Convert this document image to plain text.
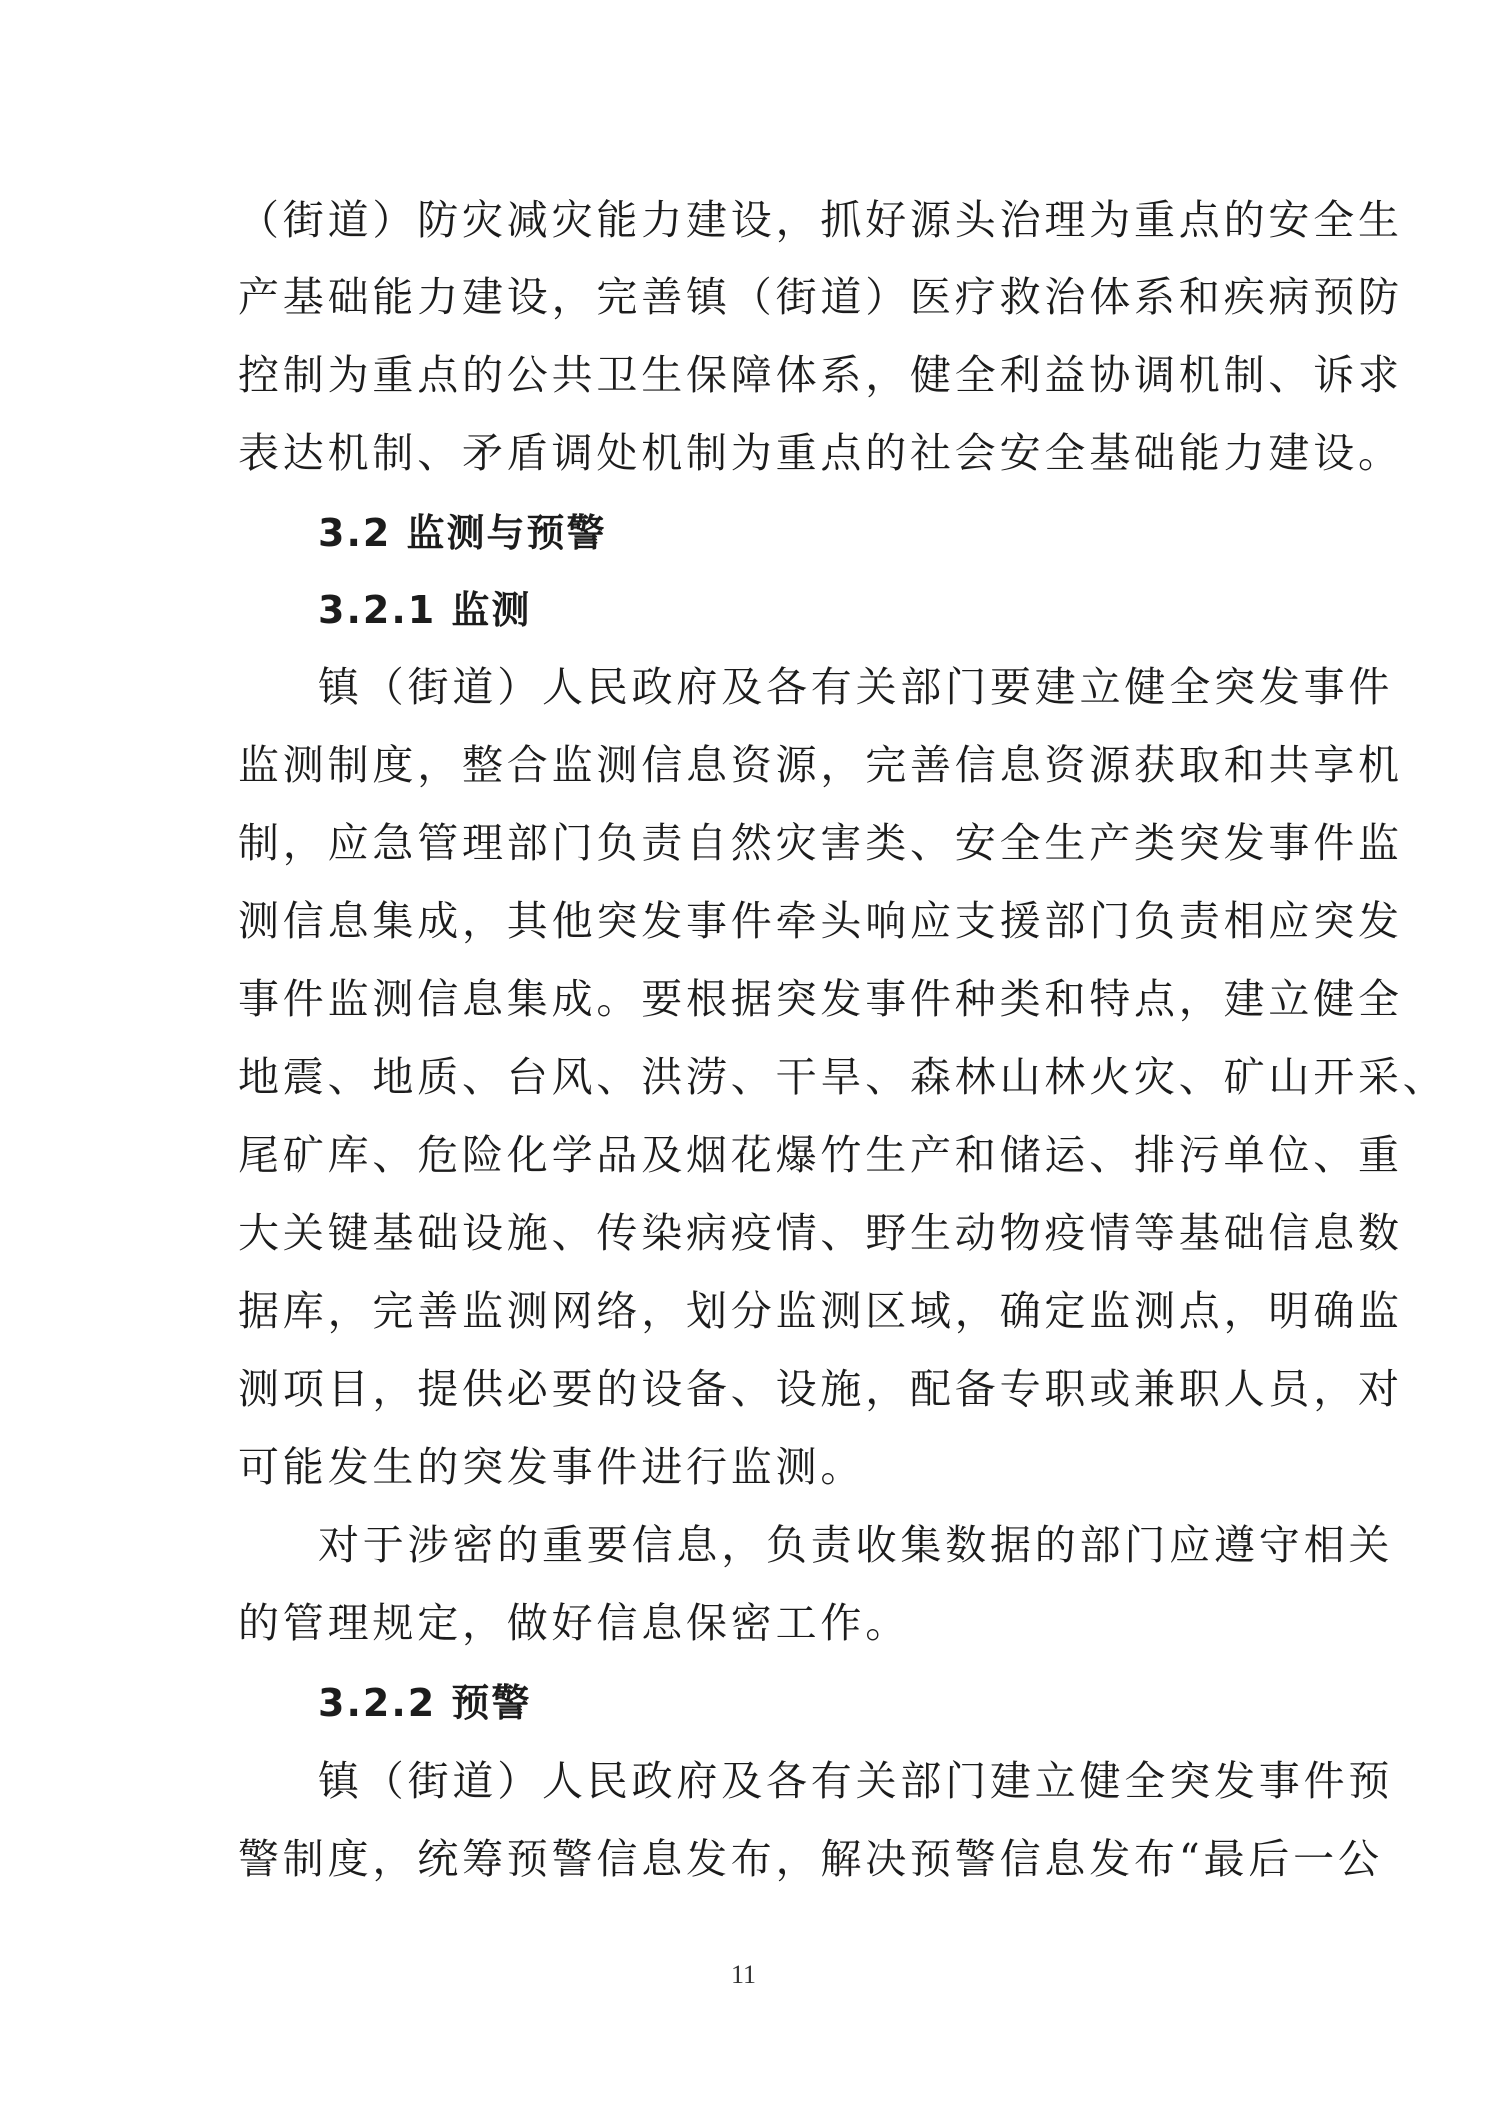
（街道）防灾减灾能力建设，抓好源头治理为重点的安全生
产基础能力建设，完善镇（街道）医疗救治体系和疾病预防
控制为重点的公共卫生保障体系，健全利益协调机制、诉求
表达机制、矛盾调处机制为重点的社会安全基础能力建设。
3.2 监测与预警
3.2.1 监测
镇（街道）人民政府及各有关部门要建立健全突发事件
监测制度，整合监测信息资源，完善信息资源获取和共享机
制，应急管理部门负责自然灾害类、安全生产类突发事件监
测信息集成，其他突发事件牵头响应支援部门负责相应突发
事件监测信息集成。要根据突发事件种类和特点，建立健全
地震、地质、台风、洪涝、干旱、森林山林火灾、矿山开采、
尾矿库、危险化学品及烟花爆竹生产和储运、排污单位、重
大关键基础设施、传染病疫情、野生动物疫情等基础信息数
据库，完善监测网络，划分监测区域，确定监测点，明确监
测项目，提供必要的设备、设施，配备专职或兼职人员，对
可能发生的突发事件进行监测。
对于涉密的重要信息，负责收集数据的部门应遵守相关
的管理规定，做好信息保密工作。
3.2.2 预警
镇（街道）人民政府及各有关部门建立健全突发事件预
警制度，统筹预警信息发布，解决预警信息发布“最后一公
11
